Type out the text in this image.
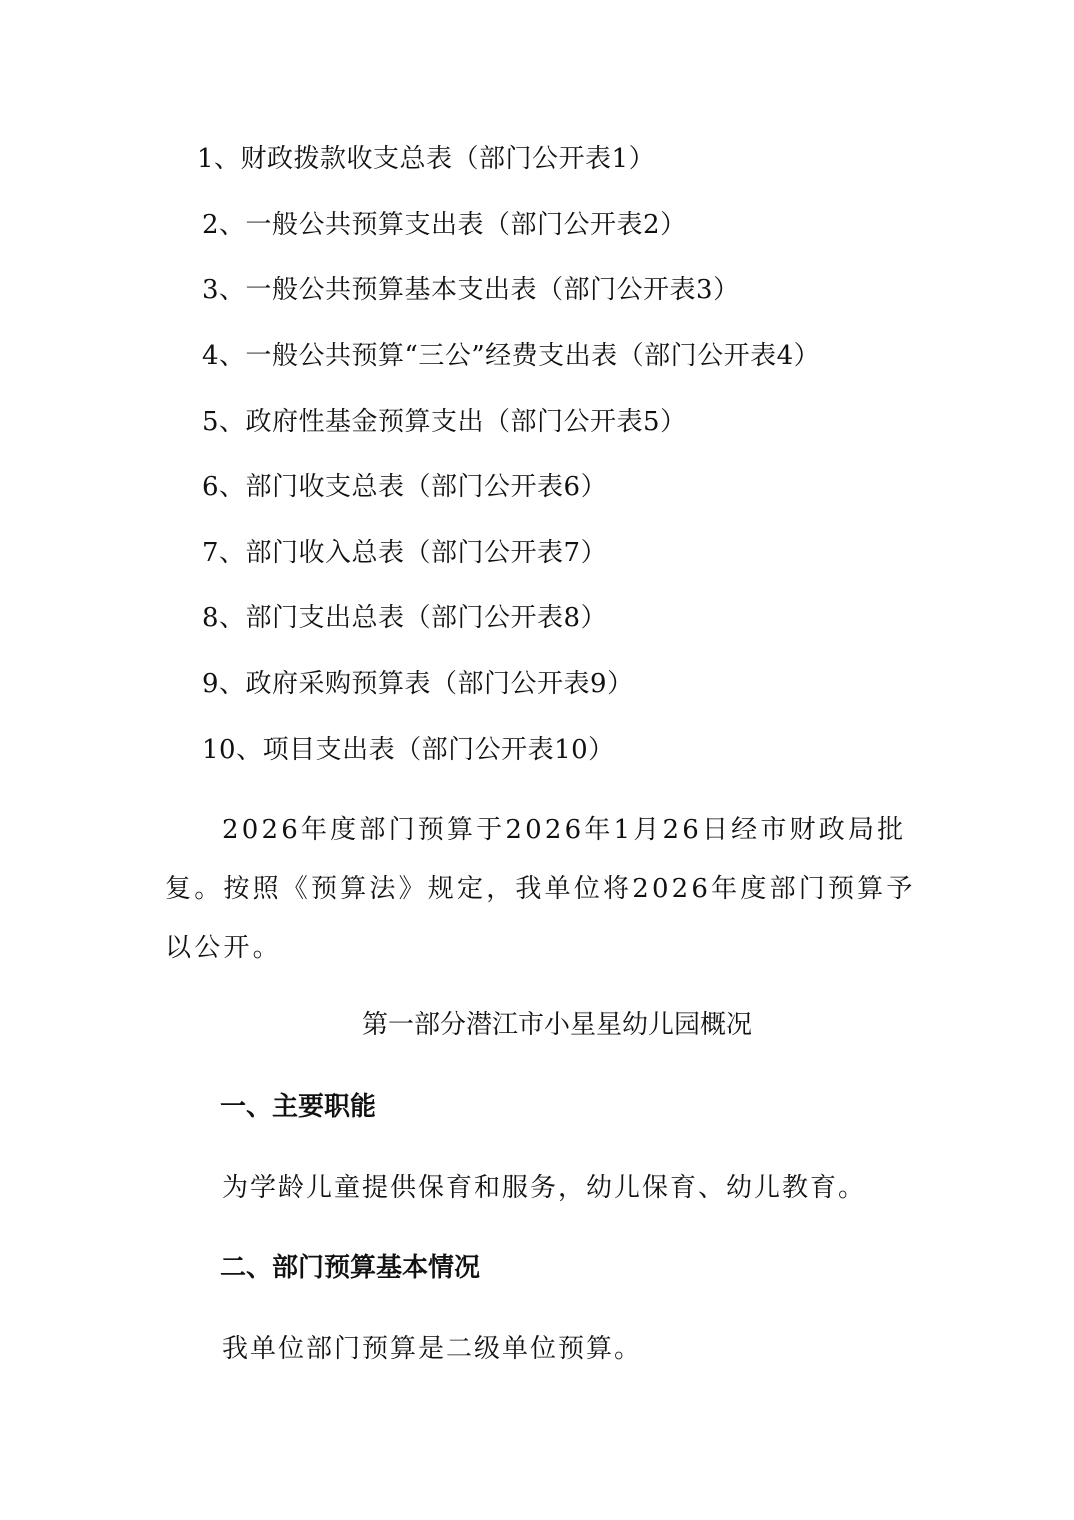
1、财政拨款收支总表（部门公开表1）
2、一般公共预算支出表（部门公开表2）
3、一般公共预算基本支出表（部门公开表3）
4、一般公共预算“三公”经费支出表（部门公开表4）
5、政府性基金预算支出（部门公开表5）
6、部门收支总表（部门公开表6）
7、部门收入总表（部门公开表7）
8、部门支出总表（部门公开表8）
9、政府采购预算表（部门公开表9）
10、项目支出表（部门公开表10）

2026年度部门预算于2026年1月26日经市财政局批复。按照《预算法》规定，我单位将2026年度部门预算予以公开。

第一部分潜江市小星星幼儿园概况
一、主要职能
为学龄儿童提供保育和服务，幼儿保育、幼儿教育。
二、部门预算基本情况
我单位部门预算是二级单位预算。
